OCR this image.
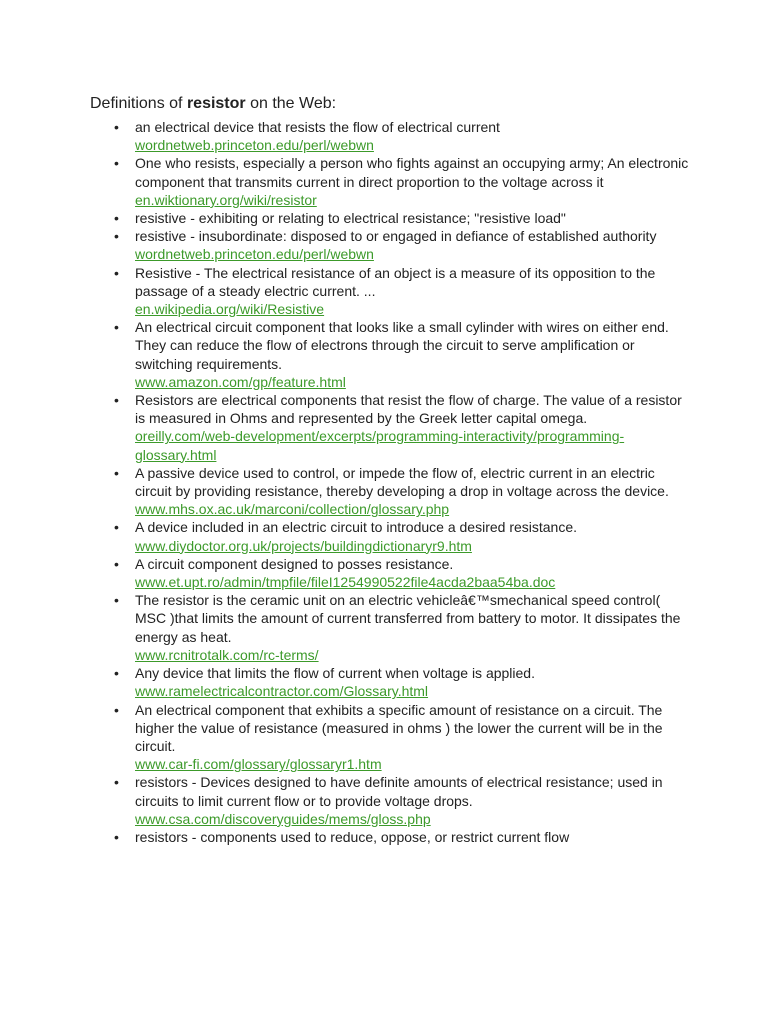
Definitions of resistor on the Web:
• an electrical device that resists the flow of electrical current
wordnetweb.princeton.edu/perl/webwn
• One who resists, especially a person who fights against an occupying army; An electronic component that transmits current in direct proportion to the voltage across it
en.wiktionary.org/wiki/resistor
• resistive - exhibiting or relating to electrical resistance; "resistive load"
• resistive - insubordinate: disposed to or engaged in defiance of established authority
wordnetweb.princeton.edu/perl/webwn
• Resistive - The electrical resistance of an object is a measure of its opposition to the passage of a steady electric current. ...
en.wikipedia.org/wiki/Resistive
• An electrical circuit component that looks like a small cylinder with wires on either end. They can reduce the flow of electrons through the circuit to serve amplification or switching requirements.
www.amazon.com/gp/feature.html
• Resistors are electrical components that resist the flow of charge. The value of a resistor is measured in Ohms and represented by the Greek letter capital omega.
oreilly.com/web-development/excerpts/programming-interactivity/programming-glossary.html
• A passive device used to control, or impede the flow of, electric current in an electric circuit by providing resistance, thereby developing a drop in voltage across the device.
www.mhs.ox.ac.uk/marconi/collection/glossary.php
• A device included in an electric circuit to introduce a desired resistance.
www.diydoctor.org.uk/projects/buildingdictionaryr9.htm
• A circuit component designed to posses resistance.
www.et.upt.ro/admin/tmpfile/fileI1254990522file4acda2baa54ba.doc
• The resistor is the ceramic unit on an electric vehicleâ€™smechanical speed control( MSC )that limits the amount of current transferred from battery to motor. It dissipates the energy as heat.
www.rcnitrotalk.com/rc-terms/
• Any device that limits the flow of current when voltage is applied.
www.ramelectricalcontractor.com/Glossary.html
• An electrical component that exhibits a specific amount of resistance on a circuit. The higher the value of resistance (measured in ohms ) the lower the current will be in the circuit.
www.car-fi.com/glossary/glossaryr1.htm
• resistors - Devices designed to have definite amounts of electrical resistance; used in circuits to limit current flow or to provide voltage drops.
www.csa.com/discoveryguides/mems/gloss.php
• resistors - components used to reduce, oppose, or restrict current flow
